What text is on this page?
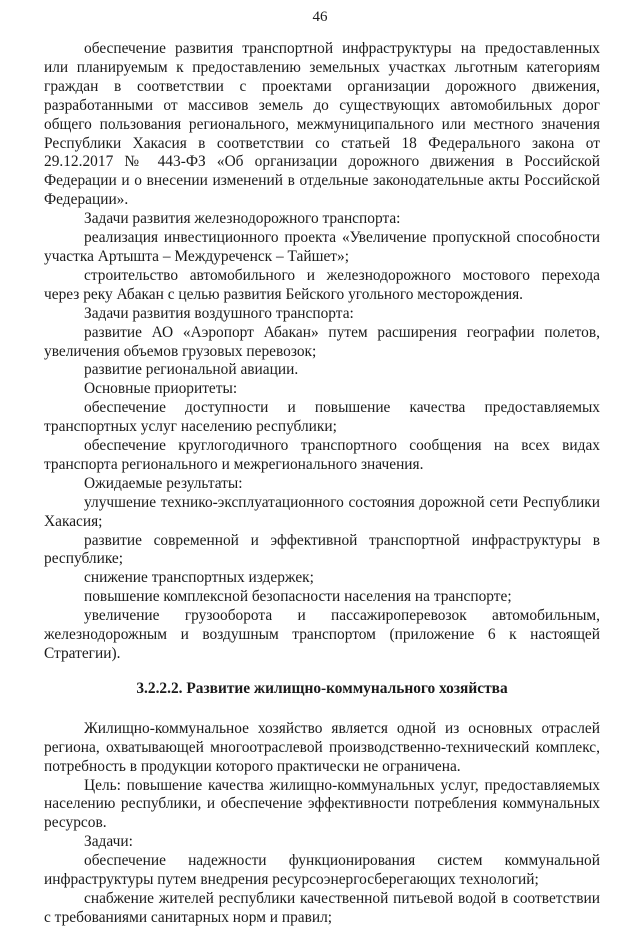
46

обеспечение развития транспортной инфраструктуры на предоставленных или планируемым к предоставлению земельных участках льготным категориям граждан в соответствии с проектами организации дорожного движения, разработанными от массивов земель до существующих автомобильных дорог общего пользования регионального, межмуниципального или местного значения Республики Хакасия в соответствии со статьей 18 Федерального закона от 29.12.2017 № 443-ФЗ «Об организации дорожного движения в Российской Федерации и о внесении изменений в отдельные законодательные акты Российской Федерации».

Задачи развития железнодорожного транспорта:

реализация инвестиционного проекта «Увеличение пропускной способности участка Артышта – Междуреченск – Тайшет»;

строительство автомобильного и железнодорожного мостового перехода через реку Абакан с целью развития Бейского угольного месторождения.

Задачи развития воздушного транспорта:

развитие АО «Аэропорт Абакан» путем расширения географии полетов, увеличения объемов грузовых перевозок;

развитие региональной авиации.

Основные приоритеты:

обеспечение доступности и повышение качества предоставляемых транспортных услуг населению республики;

обеспечение круглогодичного транспортного сообщения на всех видах транспорта регионального и межрегионального значения.

Ожидаемые результаты:

улучшение технико-эксплуатационного состояния дорожной сети Республики Хакасия;

развитие современной и эффективной транспортной инфраструктуры в республике;

снижение транспортных издержек;

повышение комплексной безопасности населения на транспорте;

увеличение грузооборота и пассажироперевозок автомобильным, железнодорожным и воздушным транспортом (приложение 6 к настоящей Стратегии).

3.2.2.2. Развитие жилищно-коммунального хозяйства

Жилищно-коммунальное хозяйство является одной из основных отраслей региона, охватывающей многоотраслевой производственно-технический комплекс, потребность в продукции которого практически не ограничена.

Цель: повышение качества жилищно-коммунальных услуг, предоставляемых населению республики, и обеспечение эффективности потребления коммунальных ресурсов.

Задачи:

обеспечение надежности функционирования систем коммунальной инфраструктуры путем внедрения ресурсоэнергосберегающих технологий;

снабжение жителей республики качественной питьевой водой в соответствии с требованиями санитарных норм и правил;
